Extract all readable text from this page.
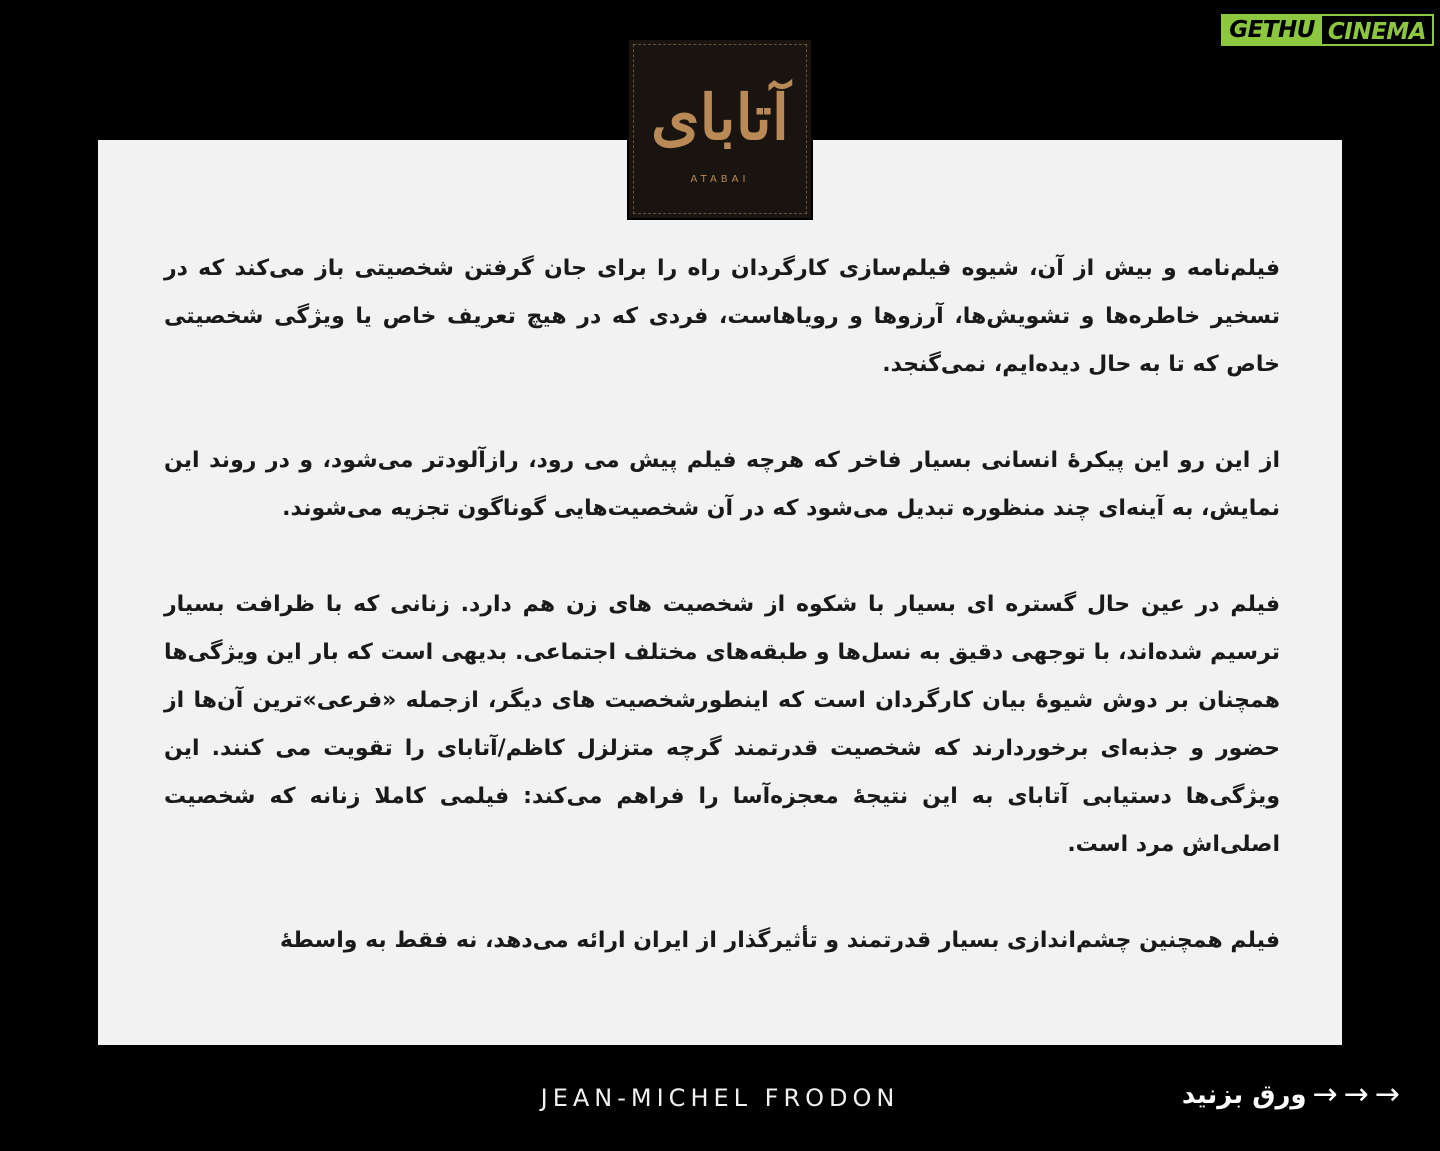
GETHU CINEMA
آتابای
ATABAI

فیلم‌نامه و بیش از آن، شیوه فیلم‌سازی کارگردان راه را برای جان گرفتن شخصیتی باز می‌کند که در تسخیر خاطره‌ها و تشویش‌ها، آرزوها و رویاهاست، فردی که در هیچ تعریف خاص یا ویژگی شخصیتی خاص که تا به حال دیده‌ایم، نمی‌گنجد.

از این رو این پیکرهٔ انسانی بسیار فاخر که هرچه فیلم پیش می رود، رازآلودتر می‌شود، و در روند این نمایش، به آینه‌ای چند منظوره تبدیل می‌شود که در آن شخصیت‌هایی گوناگون تجزیه می‌شوند.

فیلم در عین حال گستره ای بسیار با شکوه از شخصیت های زن هم دارد. زنانی که با ظرافت بسیار ترسیم شده‌اند، با توجهی دقیق به نسل‌ها و طبقه‌های مختلف اجتماعی. بدیهی است که بار این ویژگی‌ها همچنان بر دوش شیوهٔ بیان کارگردان است که اینطورشخصیت های دیگر، ازجمله «فرعی»ترین آن‌ها از حضور و جذبه‌ای برخوردارند که شخصیت قدرتمند گرچه متزلزل کاظم/آتابای را تقویت می کنند. این ویژگی‌ها دستیابی آتابای به این نتیجهٔ معجزه‌آسا را فراهم می‌کند: فیلمی کاملا زنانه که شخصیت اصلی‌اش مرد است.

فیلم همچنین چشم‌اندازی بسیار قدرتمند و تأثیرگذار از ایران ارائه می‌دهد، نه فقط به واسطهٔ

JEAN-MICHEL FRODON	ورق بزنید → → →
